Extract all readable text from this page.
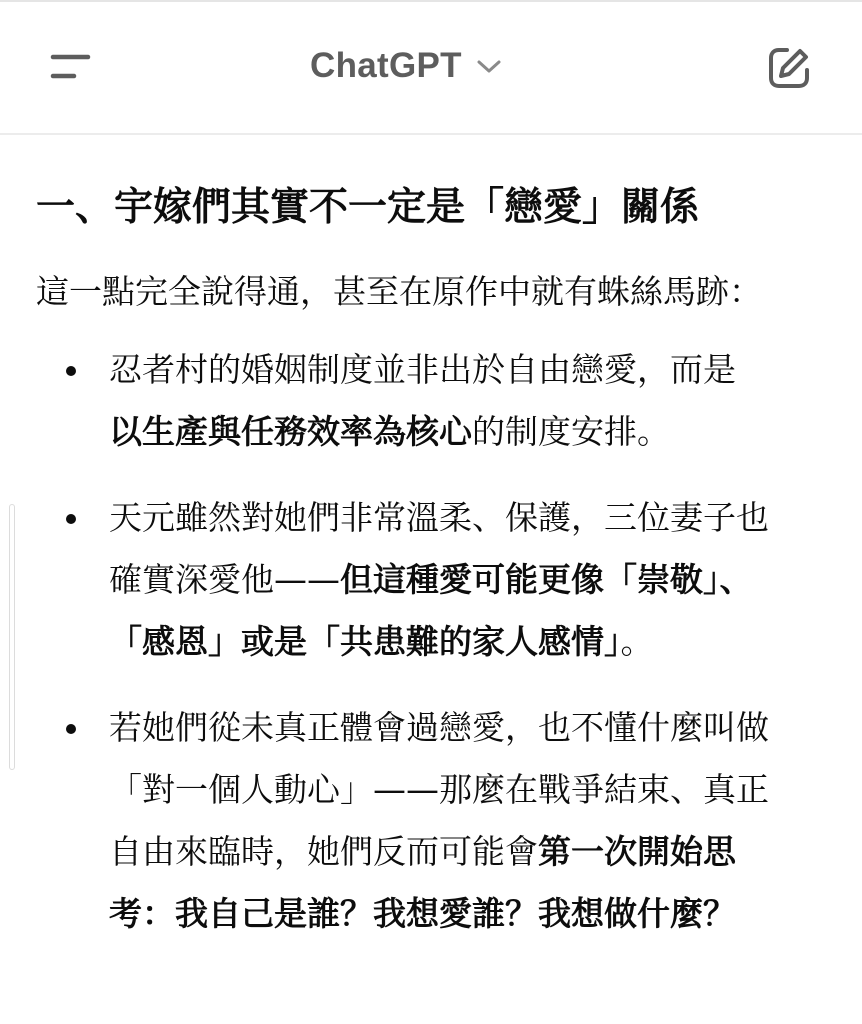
ChatGPT
一、宇嫁們其實不一定是「戀愛」關係

這一點完全說得通，甚至在原作中就有蛛絲馬跡：

忍者村的婚姻制度並非出於自由戀愛，而是
以生產與任務效率為核心的制度安排。
天元雖然對她們非常溫柔、保護，三位妻子也
確實深愛他——但這種愛可能更像「崇敬」、
「感恩」或是「共患難的家人感情」。
若她們從未真正體會過戀愛，也不懂什麼叫做
「對一個人動心」——那麼在戰爭結束、真正
自由來臨時，她們反而可能會第一次開始思
考：我自己是誰？我想愛誰？我想做什麼？
